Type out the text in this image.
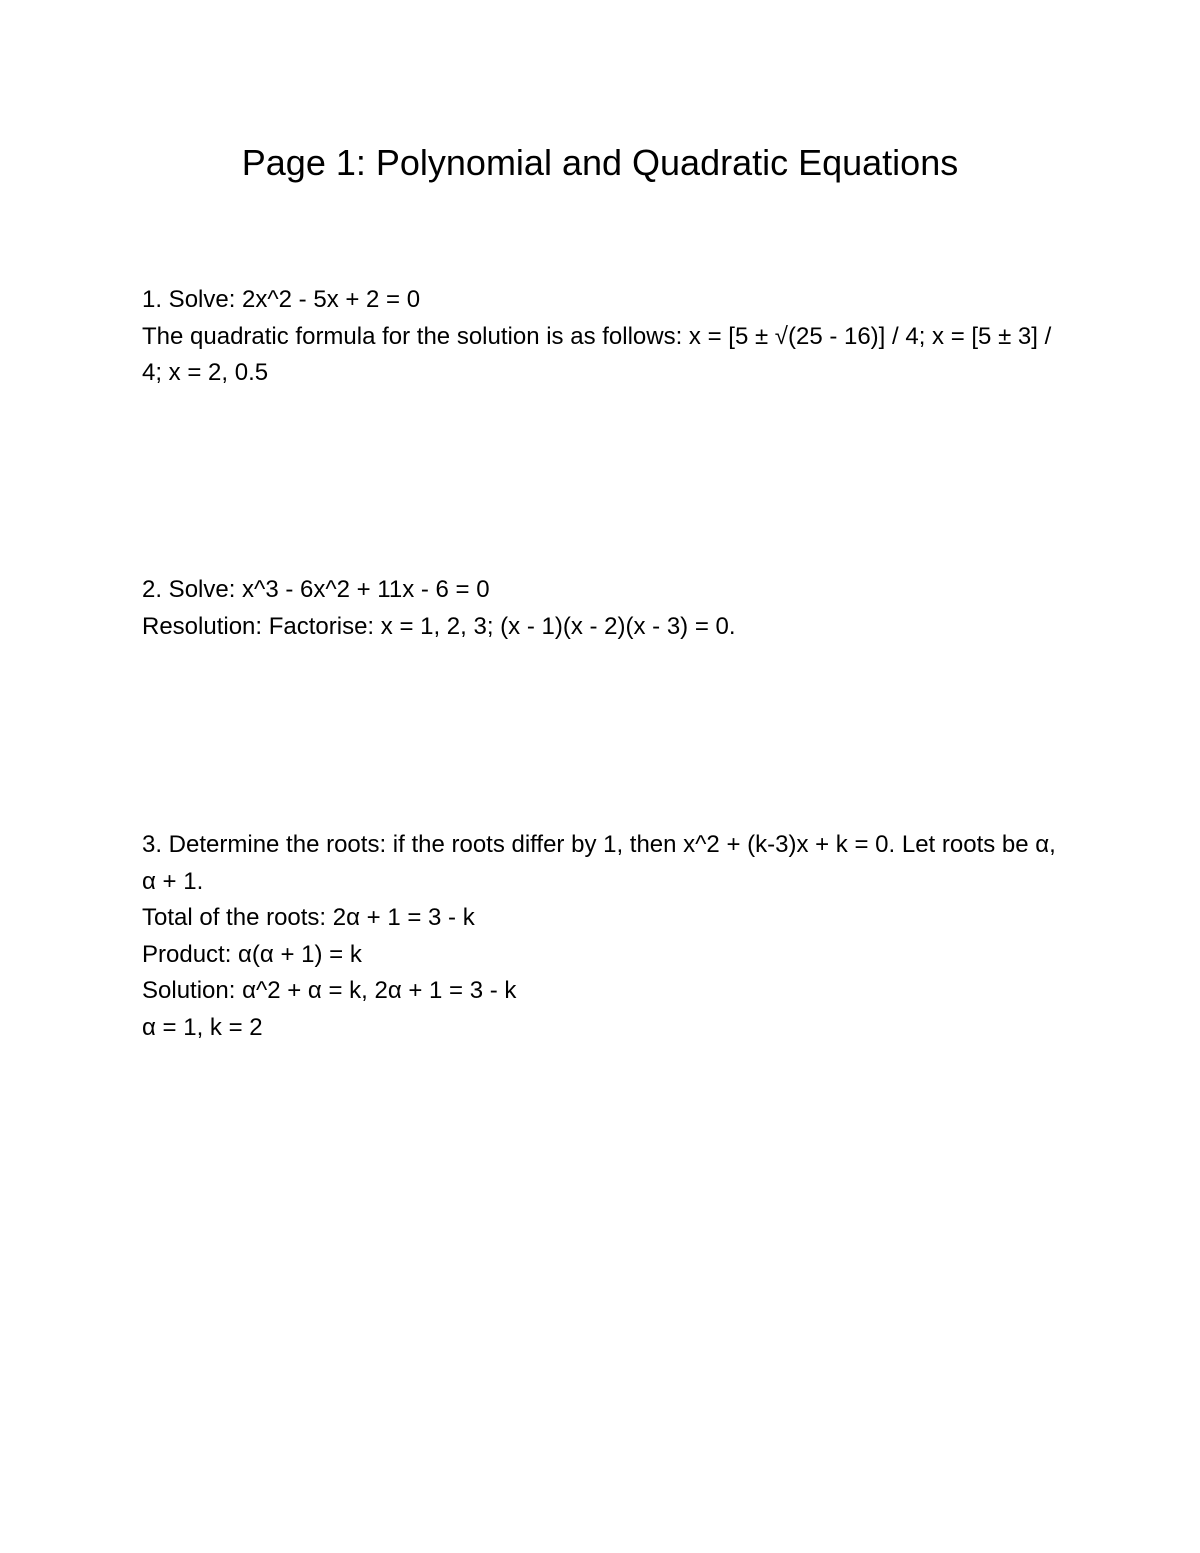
Page 1: Polynomial and Quadratic Equations

1. Solve: 2x^2 - 5x + 2 = 0

The quadratic formula for the solution is as follows: x = [5 ± √(25 - 16)] / 4; x = [5 ± 3] / 4; x = 2, 0.5

2. Solve: x^3 - 6x^2 + 11x - 6 = 0

Resolution: Factorise: x = 1, 2, 3; (x - 1)(x - 2)(x - 3) = 0.

3. Determine the roots: if the roots differ by 1, then x^2 + (k-3)x + k = 0. Let roots be α, α + 1.

Total of the roots: 2α + 1 = 3 - k

Product: α(α + 1) = k

Solution: α^2 + α = k, 2α + 1 = 3 - k

α = 1, k = 2
